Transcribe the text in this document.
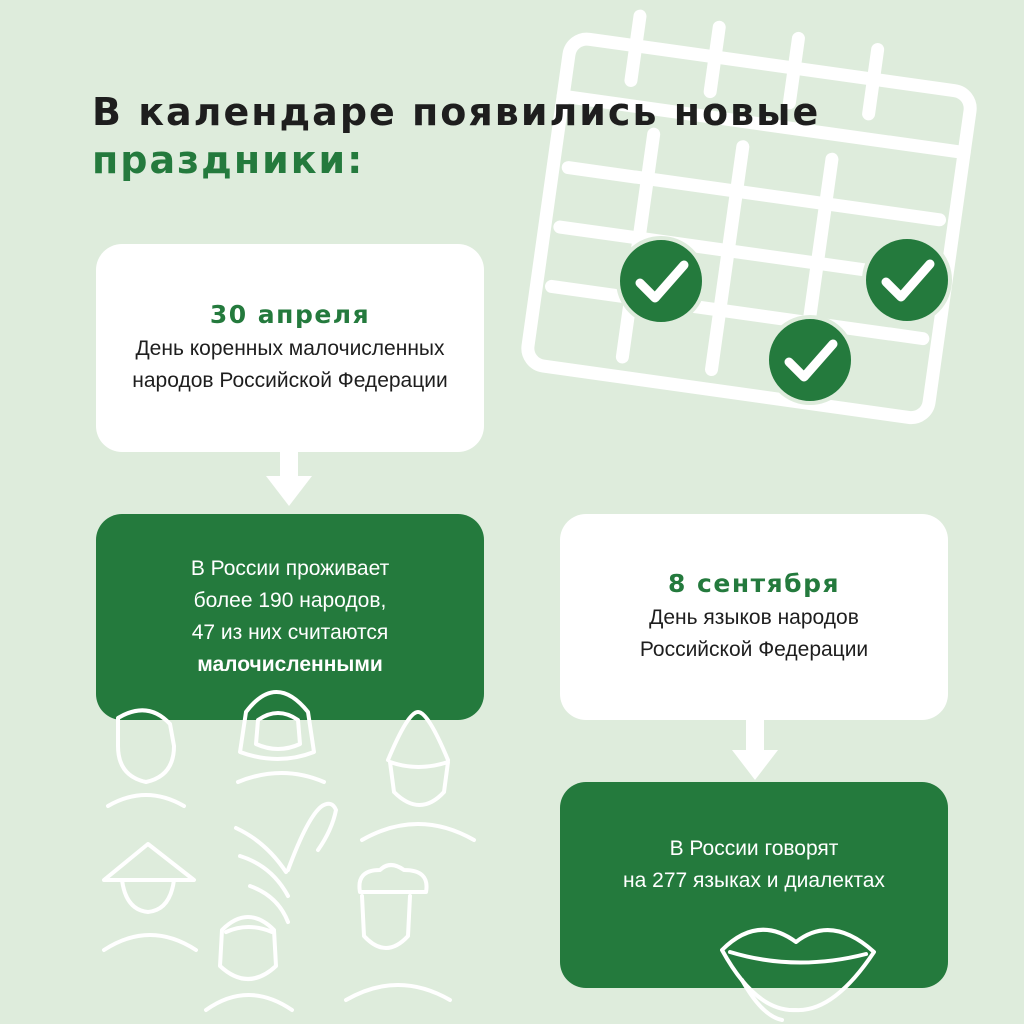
В календаре появились новые
праздники:
30 апреля
День коренных малочисленных
народов Российской Федерации
В России проживает
более 190 народов,
47 из них считаются
малочисленными
8 сентября
День языков народов
Российской Федерации
В России говорят
на 277 языках и диалектах
